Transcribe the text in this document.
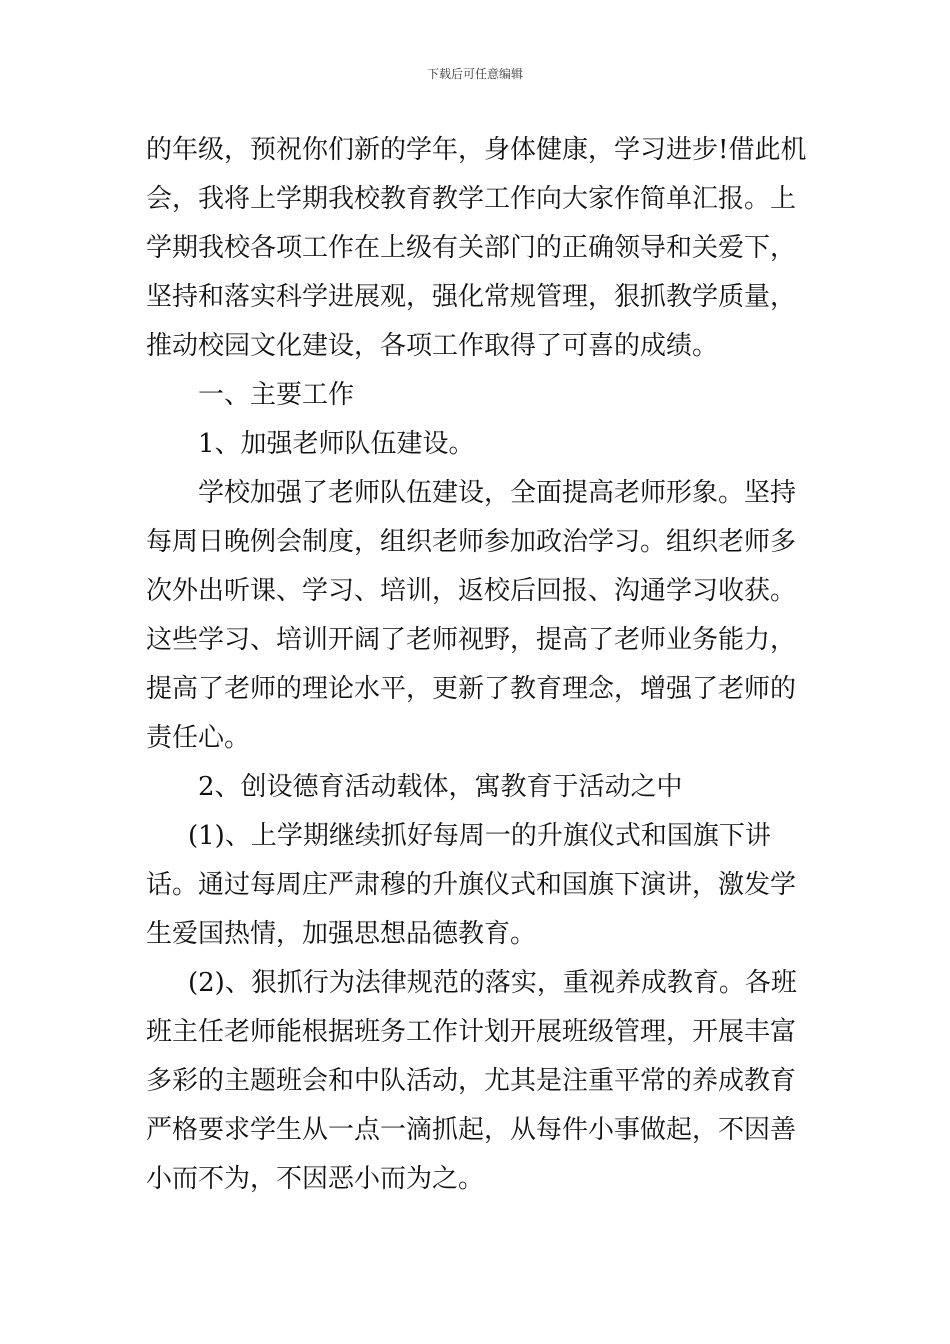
下载后可任意编辑

的年级，预祝你们新的学年，身体健康，学习进步!借此机会，我将上学期我校教育教学工作向大家作简单汇报。上学期我校各项工作在上级有关部门的正确领导和关爱下，坚持和落实科学进展观，强化常规管理，狠抓教学质量，推动校园文化建设，各项工作取得了可喜的成绩。

一、主要工作

1、加强老师队伍建设。

学校加强了老师队伍建设，全面提高老师形象。坚持每周日晚例会制度，组织老师参加政治学习。组织老师多次外出听课、学习、培训，返校后回报、沟通学习收获。这些学习、培训开阔了老师视野，提高了老师业务能力，提高了老师的理论水平，更新了教育理念，增强了老师的责任心。

2、创设德育活动载体，寓教育于活动之中

(1)、上学期继续抓好每周一的升旗仪式和国旗下讲话。通过每周庄严肃穆的升旗仪式和国旗下演讲，激发学生爱国热情，加强思想品德教育。

(2)、狠抓行为法律规范的落实，重视养成教育。各班班主任老师能根据班务工作计划开展班级管理，开展丰富多彩的主题班会和中队活动，尤其是注重平常的养成教育严格要求学生从一点一滴抓起，从每件小事做起，不因善小而不为，不因恶小而为之。
